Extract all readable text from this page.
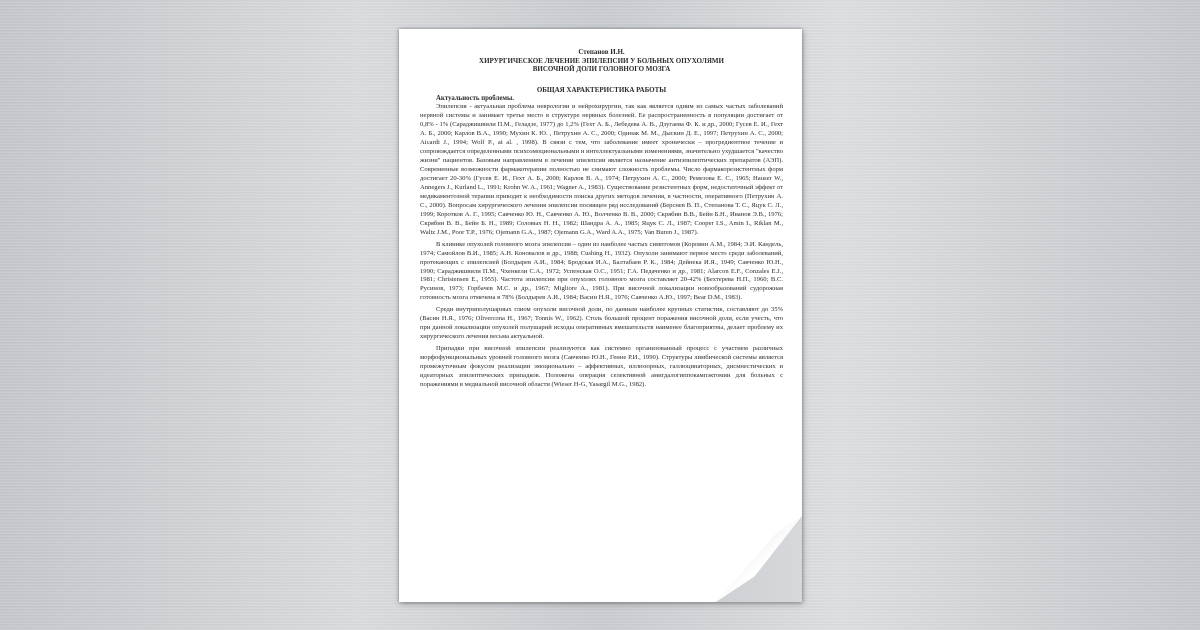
Степанов И.Н.
ХИРУРГИЧЕСКОЕ ЛЕЧЕНИЕ ЭПИЛЕПСИИ У БОЛЬНЫХ ОПУХОЛЯМИ
ВИСОЧНОЙ ДОЛИ ГОЛОВНОГО МОЗГА
ОБЩАЯ ХАРАКТЕРИСТИКА РАБОТЫ
Актуальность проблемы.

Эпилепсия - актуальная проблема неврологии и нейрохирургии, так как является одним из самых частых заболеваний нервной системы и занимает третье место в структуре нервных болезней. Ее распространенность в популяции достигает от 0,8% - 1% (Сараджишвили П.М., Геладзе, 1977) до 1,2% (Гехт А. Б., Лебедева А. В., Дзугаева Ф. К. и др., 2000; Гусев Е. И., Гехт А. Б., 2000; Карлов В.А., 1990; Мухин К. Ю. , Петрухин А. С., 2000; Одинак М. М., Дыскин Д. Е., 1997; Петрухин А. С., 2000; Aicardi J., 1994; Wolf P., at al. , 1998). В связи с тем, что заболевание имеет хронически – прогредиентное течение и сопровождается определенными психоэмоциональными и интеллектуальными изменениями, значительно ухудшается "качество жизни" пациентов. Базовым направлением в лечении эпилепсии является назначение антиэпилептических препаратов (АЭП). Современные возможности фармакотерапии полностью не снимают сложность проблемы. Число фармакорезистентных форм достигает 20-30% (Гусев Е. И., Гехт А. Б., 2000; Карлов В. А., 1974; Петрухин А. С., 2000; Ремезова Е. С., 1965; Hauser W., Annegers J., Kurland L., 1991; Krohn W. A., 1961; Wagner A., 1983). Существование резистентных форм, недостаточный эффект от медикаментозной терапии приводят к необходимости поиска других методов лечения, в частности, оперативного (Петрухин А. С., 2000). Вопросам хирургического лечения эпилепсии посвящен ряд исследований (Берснев В. П., Степанова Т. С., Яцук С. Л., 1999; Коротков А. Г., 1995; Савченко Ю. Н., Савченко А. Ю., Волченко В. В., 2000; Скрябин В.В., Бейн Б.Н., Иванов Э.В., 1976; Скрябин В. В., Бейн Б. Н., 1989; Соловых Н. Н., 1982; Шандра А. А., 1985; Яцук С. Л., 1987; Cooper I.S., Amin I., Riklan M., Waltz J.M., Poor T.P., 1976; Ojemann G.A., 1987; Ojemann G.A., Ward A.A., 1975; Van Buren J., 1987).

В клинике опухолей головного мозга эпилепсия – один из наиболее частых симптомов (Коровин А.М., 1984; Э.И. Кандель, 1974; Самойлов В.И., 1985; А.Н. Коновалов и др., 1988; Cushing H., 1932). Опухоли занимают первое место среди заболеваний, протекающих с эпилепсией (Болдырев А.И., 1984; Бродская И.А., Балтабаев Р. К., 1984; Дейнека И.Я., 1949; Савченко Ю.Н., 1990; Сараджишвили П.М., Чхенкели С.А., 1972; Успенская О.С., 1951; Г.А. Педаченко и др., 1981; Alarcon E.F., Conzales E.J., 1981; Christensen E., 1955). Частота эпилепсии при опухолях головного мозга составляет 20-42% (Бехтерева Н.П., 1960; В.С. Русинов, 1973; Горбачев М.С. и др., 1967; Migliore A., 1981). При височной локализации новообразований судорожная готовность мозга отмечена в 78% (Болдырев А.И., 1984; Васин Н.Я., 1976; Савченко А.Ю., 1997; Bear D.M., 1983).

Среди внутриполушарных глиом опухоли височной доли, по данным наиболее крупных статистик, составляют до 35% (Васин Н.Я., 1976; Olivercona H., 1967; Tonnis W., 1962). Столь большой процент поражения височной доли, если учесть, что при данной локализации опухолей полушарий исходы оперативных вмешательств наименее благоприятны, делает проблему их хирургического лечения весьма актуальной.

Припадки при височной эпилепсии реализуются как системно организованный процесс с участием различных морфофункциональных уровней головного мозга (Савченко Ю.Н., Генне Р.И., 1990). Структуры лимбической системы является промежуточным фокусом реализации эмоционально – аффективных, иллюзорных, галлюцинаторных, дисмнестических и идеаторных эпилептических припадков. Положена операция селективной амигдалогиппокампэктомии для больных с поражениями в медиальной височной области (Wieser H-G, Yasargil M.G., 1982).
